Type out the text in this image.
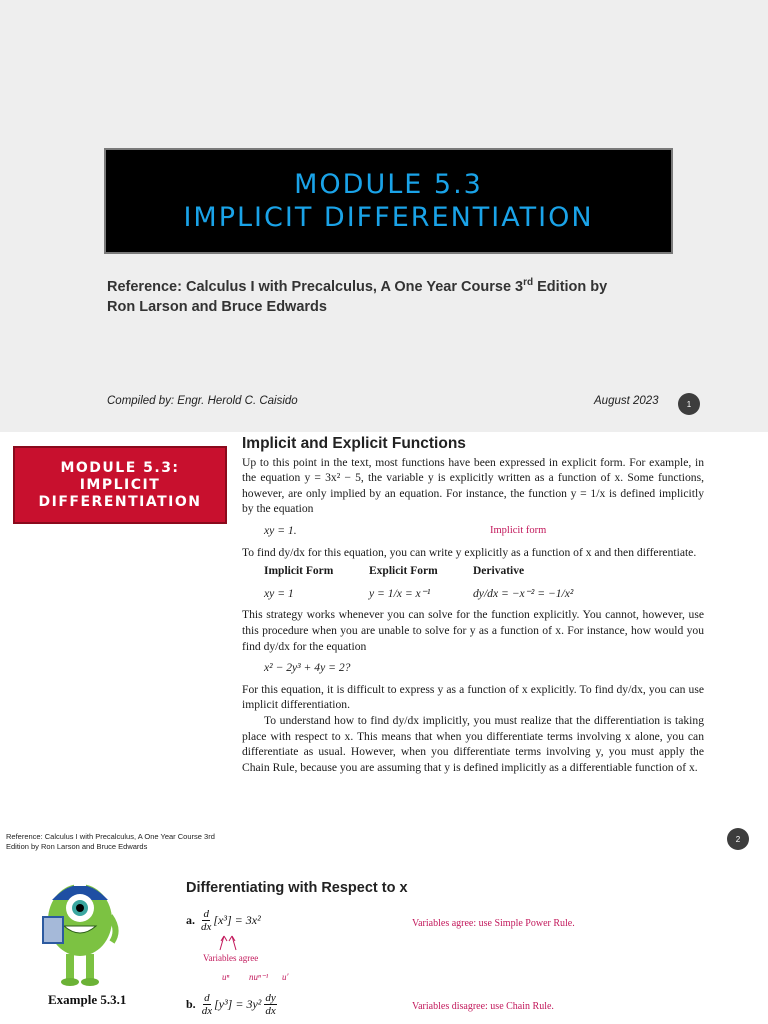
MODULE 5.3
IMPLICIT DIFFERENTIATION
Reference: Calculus I with Precalculus, A One Year Course 3rd Edition by
Ron Larson and Bruce Edwards
Compiled by: Engr. Herold C. Caisido	August 2023	1
MODULE 5.3:
IMPLICIT
DIFFERENTIATION
Implicit and Explicit Functions

Up to this point in the text, most functions have been expressed in explicit form. For example, in the equation y = 3x² − 5, the variable y is explicitly written as a function of x. Some functions, however, are only implied by an equation. For instance, the function y = 1/x is defined implicitly by the equation

xy = 1.	Implicit form

To find dy/dx for this equation, you can write y explicitly as a function of x and then differentiate.

Implicit Form	Explicit Form	Derivative
xy = 1	y = 1/x = x⁻¹	dy/dx = −x⁻² = −1/x²

This strategy works whenever you can solve for the function explicitly. You cannot, however, use this procedure when you are unable to solve for y as a function of x. For instance, how would you find dy/dx for the equation

x² − 2y³ + 4y = 2?

For this equation, it is difficult to express y as a function of x explicitly. To find dy/dx, you can use implicit differentiation.

To understand how to find dy/dx implicitly, you must realize that the differentiation is taking place with respect to x. This means that when you differentiate terms involving x alone, you can differentiate as usual. However, when you differentiate terms involving y, you must apply the Chain Rule, because you are assuming that y is defined implicitly as a differentiable function of x.

Reference: Calculus I with Precalculus, A One Year Course 3rd Edition by Ron Larson and Bruce Edwards
2
Example 5.3.1
Differentiating with Respect to x
a. $\frac{d}{dx} [x^3] = 3x^2$	Variables agree: use Simple Power Rule.
Variables agree
uⁿ nuⁿ⁻¹ u′
b. $\frac{d}{dx} [y^3] = 3y^2 \frac{dy}{dx}$	Variables disagree: use Chain Rule.
